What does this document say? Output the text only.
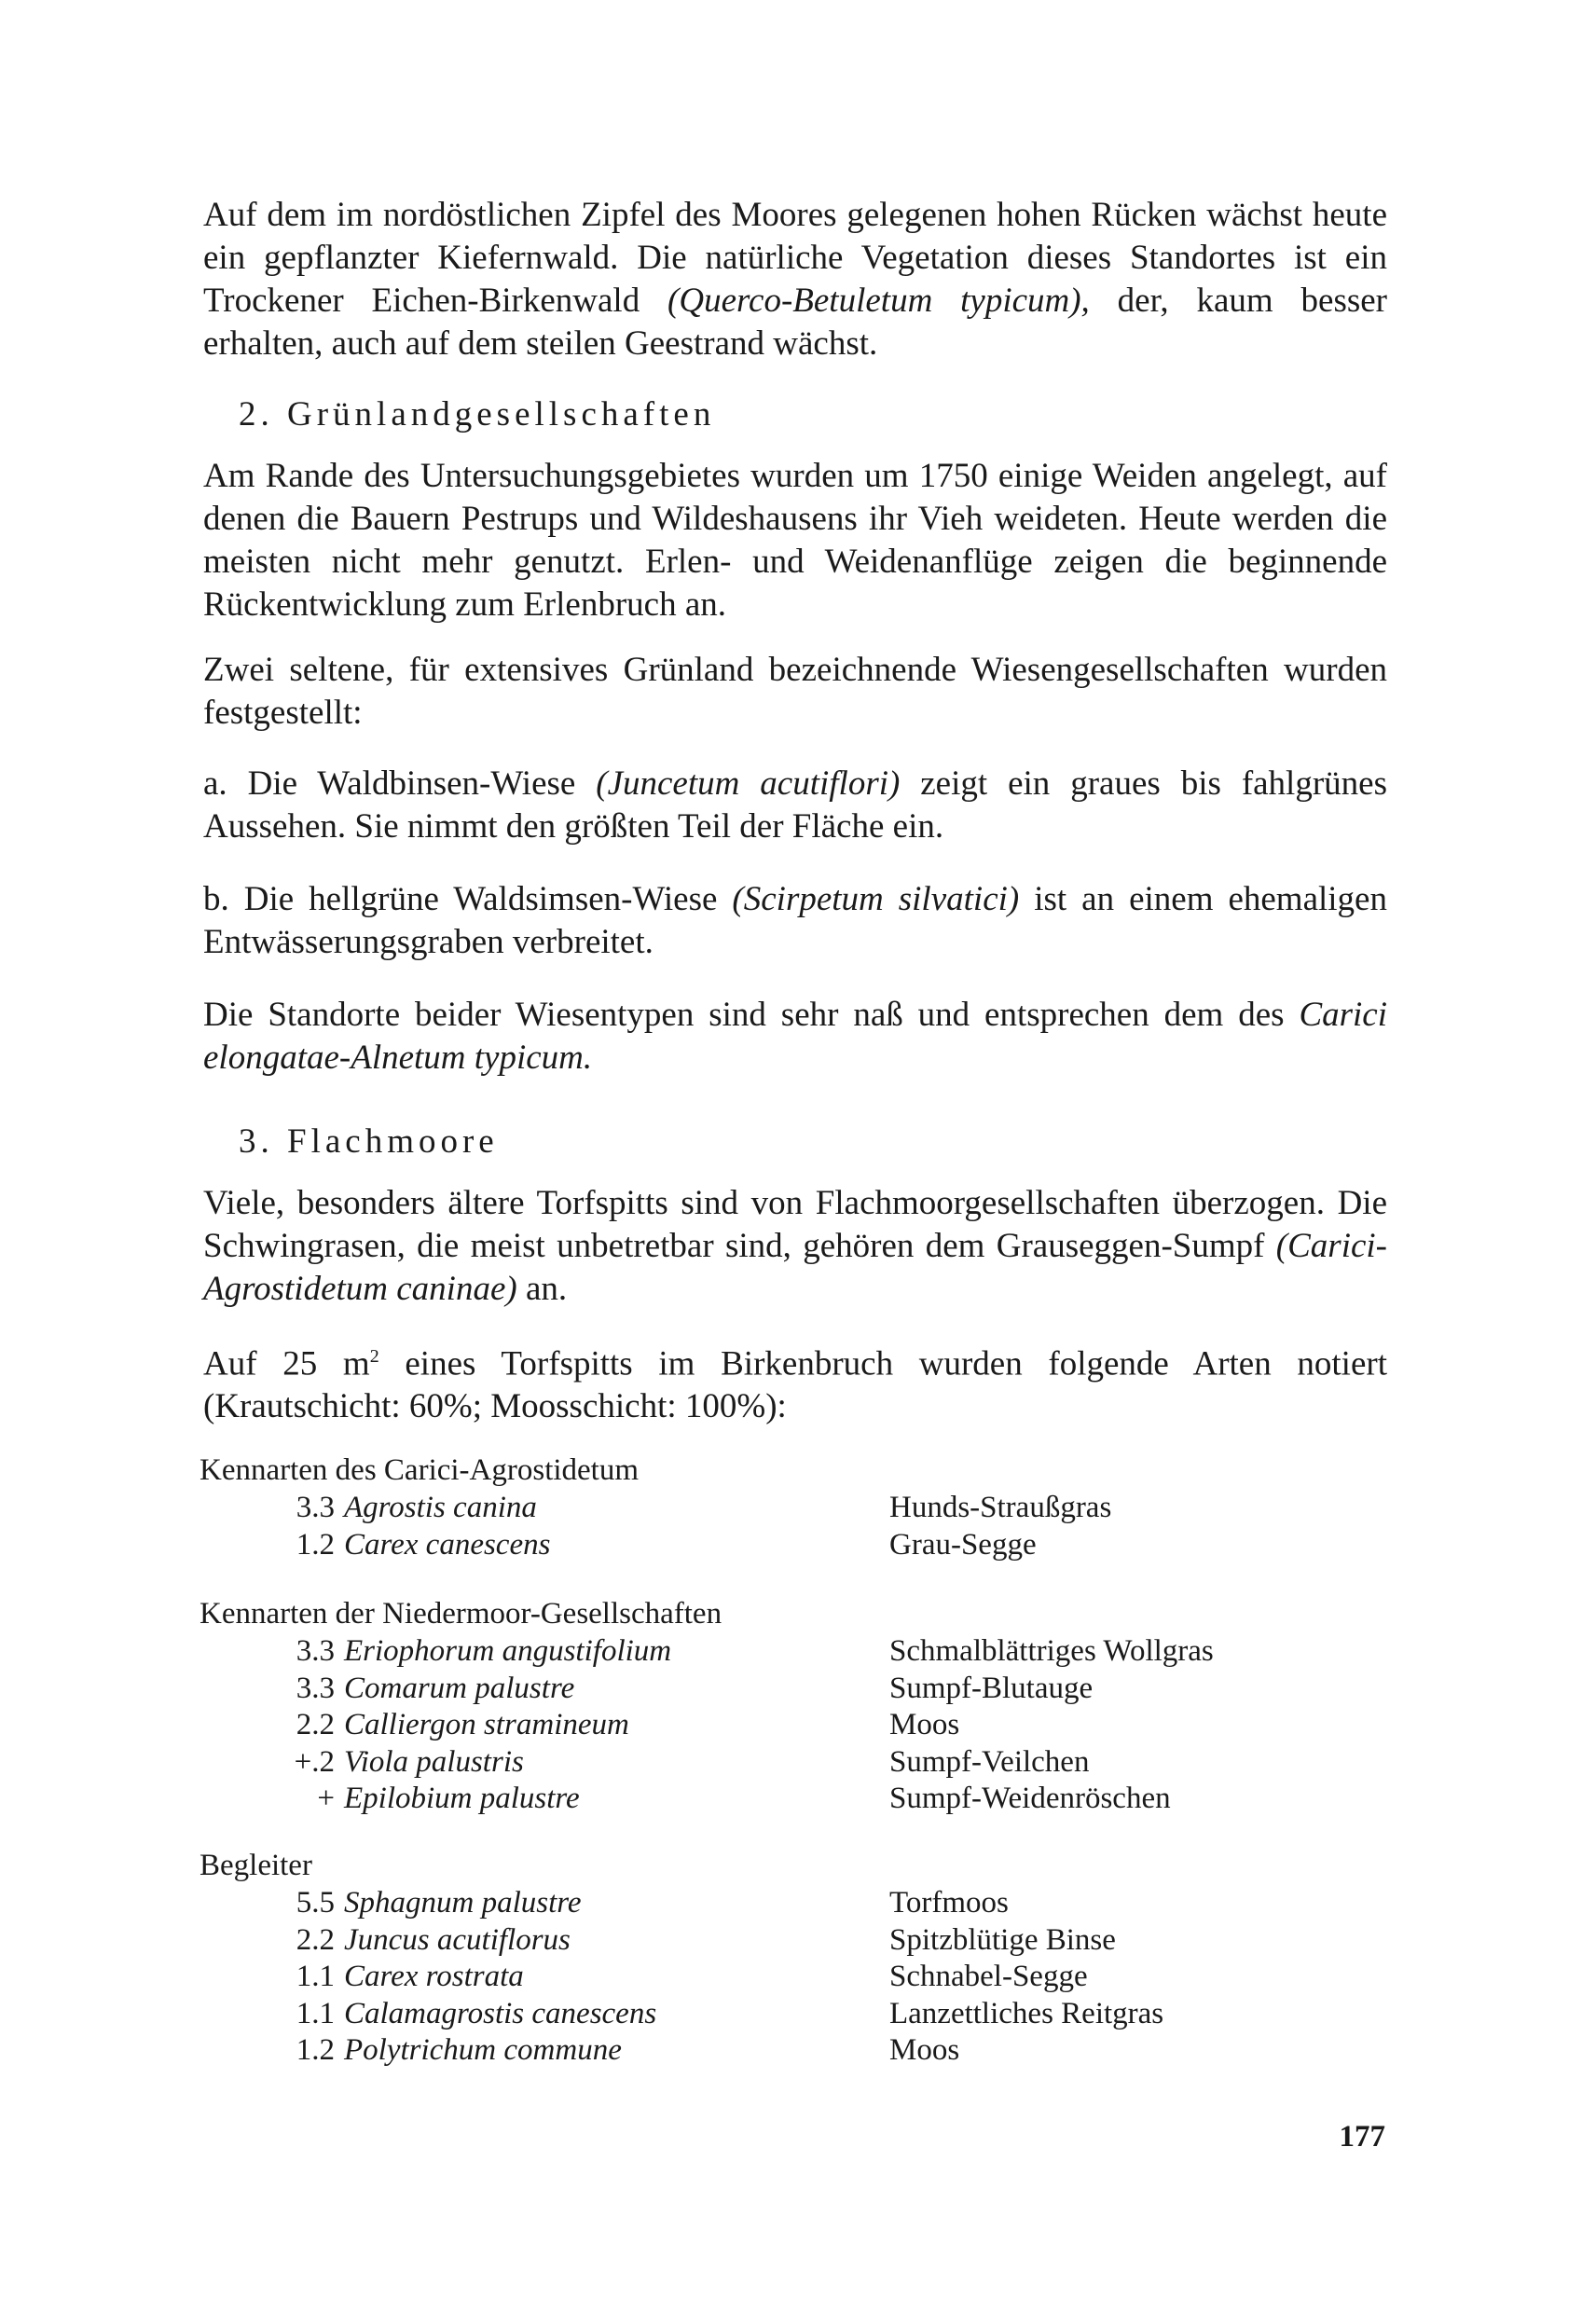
Auf dem im nordöstlichen Zipfel des Moores gelegenen hohen Rücken wächst heute ein gepflanzter Kiefernwald. Die natürliche Vegetation dieses Standortes ist ein Trockener Eichen-Birkenwald (Querco-Betuletum typicum), der, kaum besser erhalten, auch auf dem steilen Geestrand wächst.

2. Grünlandgesellschaften

Am Rande des Untersuchungsgebietes wurden um 1750 einige Weiden angelegt, auf denen die Bauern Pestrups und Wildeshausens ihr Vieh weideten. Heute werden die meisten nicht mehr genutzt. Erlen- und Weidenanflüge zeigen die beginnende Rückentwicklung zum Erlenbruch an.

Zwei seltene, für extensives Grünland bezeichnende Wiesengesellschaften wurden festgestellt:

a. Die Waldbinsen-Wiese (Juncetum acutiflori) zeigt ein graues bis fahlgrünes Aussehen. Sie nimmt den größten Teil der Fläche ein.

b. Die hellgrüne Waldsimsen-Wiese (Scirpetum silvatici) ist an einem ehemaligen Entwässerungsgraben verbreitet.

Die Standorte beider Wiesentypen sind sehr naß und entsprechen dem des Carici elongatae-Alnetum typicum.

3. Flachmoore

Viele, besonders ältere Torfspitts sind von Flachmoorgesellschaften überzogen. Die Schwingrasen, die meist unbetretbar sind, gehören dem Grauseggen-Sumpf (Carici-Agrostidetum caninae) an.

Auf 25 $m^2$ eines Torfspitts im Birkenbruch wurden folgende Arten notiert (Krautschicht: 60%; Moosschicht: 100%):

Kennarten des Carici-Agrostidetum
3.3 Agrostis canina	Hunds-Straußgras
1.2 Carex canescens	Grau-Segge
Kennarten der Niedermoor-Gesellschaften
3.3 Eriophorum angustifolium	Schmalblättriges Wollgras
3.3 Comarum palustre	Sumpf-Blutauge
2.2 Calliergon stramineum	Moos
+.2 Viola palustris	Sumpf-Veilchen
+ Epilobium palustre	Sumpf-Weidenröschen
Begleiter
5.5 Sphagnum palustre	Torfmoos
2.2 Juncus acutiflorus	Spitzblütige Binse
1.1 Carex rostrata	Schnabel-Segge
1.1 Calamagrostis canescens	Lanzettliches Reitgras
1.2 Polytrichum commune	Moos
177
